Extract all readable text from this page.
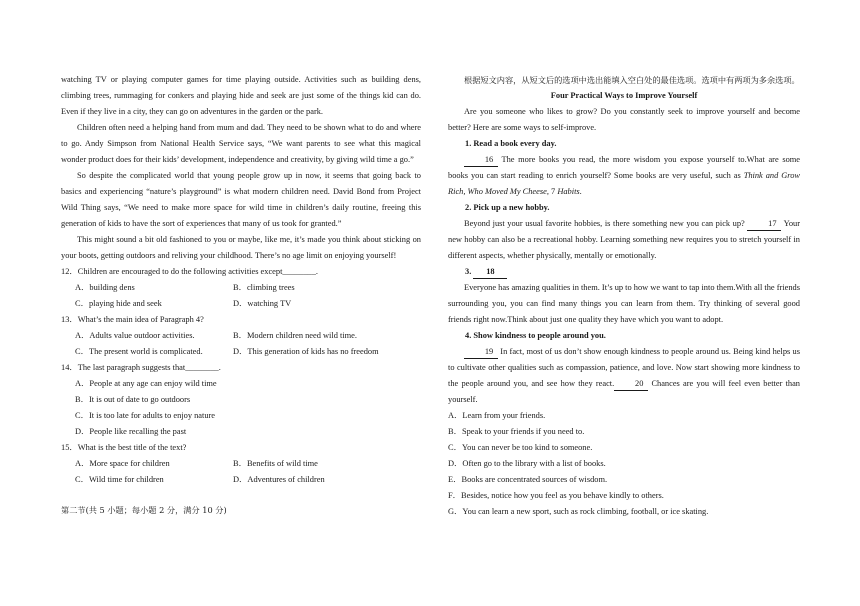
watching TV or playing computer games for time playing outside. Activities such as building dens, climbing trees, rummaging for conkers and playing hide and seek are just some of the things kid can do. Even if they live in a city, they can go on adventures in the garden or the park.

Children often need a helping hand from mum and dad. They need to be shown what to do and where to go. Andy Simpson from National Health Service says, “We want parents to see what this magical wonder product does for their kids’ development, independence and creativity, by giving wild time a go.”

So despite the complicated world that young people grow up in now, it seems that going back to basics and experiencing “nature’s playground” is what modern children need. David Bond from Project Wild Thing says, “We need to make more space for wild time in children’s daily routine, freeing this generation of kids to have the sort of experiences that many of us took for granted.”

This might sound a bit old fashioned to you or maybe, like me, it’s made you think about sticking on your boots, getting outdoors and reliving your childhood. There’s no age limit on enjoying yourself!

12．Children are encouraged to do the following activities except________.

A．building dens	B．climbing trees
C．playing hide and seek	D．watching TV

13．What’s the main idea of Paragraph 4?

A．Adults value outdoor activities.	B．Modern children need wild time.
C．The present world is complicated.	D．This generation of kids has no freedom

14．The last paragraph suggests that________.

A．People at any age can enjoy wild time

B．It is out of date to go outdoors

C．It is too late for adults to enjoy nature

D．People like recalling the past

15．What is the best title of the text?

A．More space for children	B．Benefits of wild time
C．Wild time for children	D．Adventures of children

第二节(共 5 小题；每小题 2 分，满分 10 分)

根据短文内容，从短文后的选项中选出能填入空白处的最佳选项。选项中有两项为多余选项。

Four Practical Ways to Improve Yourself

Are you someone who likes to grow? Do you constantly seek to improve yourself and become better? Here are some ways to self-improve.

1. Read a book every day.

16 The more books you read, the more wisdom you expose yourself to.What are some books you can start reading to enrich yourself? Some books are very useful, such as Think and Grow Rich, Who Moved My Cheese, 7 Habits.

2. Pick up a new hobby.

Beyond just your usual favorite hobbies, is there something new you can pick up? 17 Your new hobby can also be a recreational hobby. Learning something new requires you to stretch yourself in different aspects, whether physically, mentally or emotionally.

3. 18

Everyone has amazing qualities in them. It’s up to how we want to tap into them.With all the friends surrounding you, you can find many things you can learn from them. Try thinking of several good friends right now.Think about just one quality they have which you want to adopt.

4. Show kindness to people around you.

19 In fact, most of us don’t show enough kindness to people around us. Being kind helps us to cultivate other qualities such as compassion, patience, and love. Now start showing more kindness to the people around you, and see how they react. 20 Chances are you will feel even better than yourself.

A．Learn from your friends.

B．Speak to your friends if you need to.

C．You can never be too kind to someone.

D．Often go to the library with a list of books.

E．Books are concentrated sources of wisdom.

F．Besides, notice how you feel as you behave kindly to others.

G．You can learn a new sport, such as rock climbing, football, or ice skating.
